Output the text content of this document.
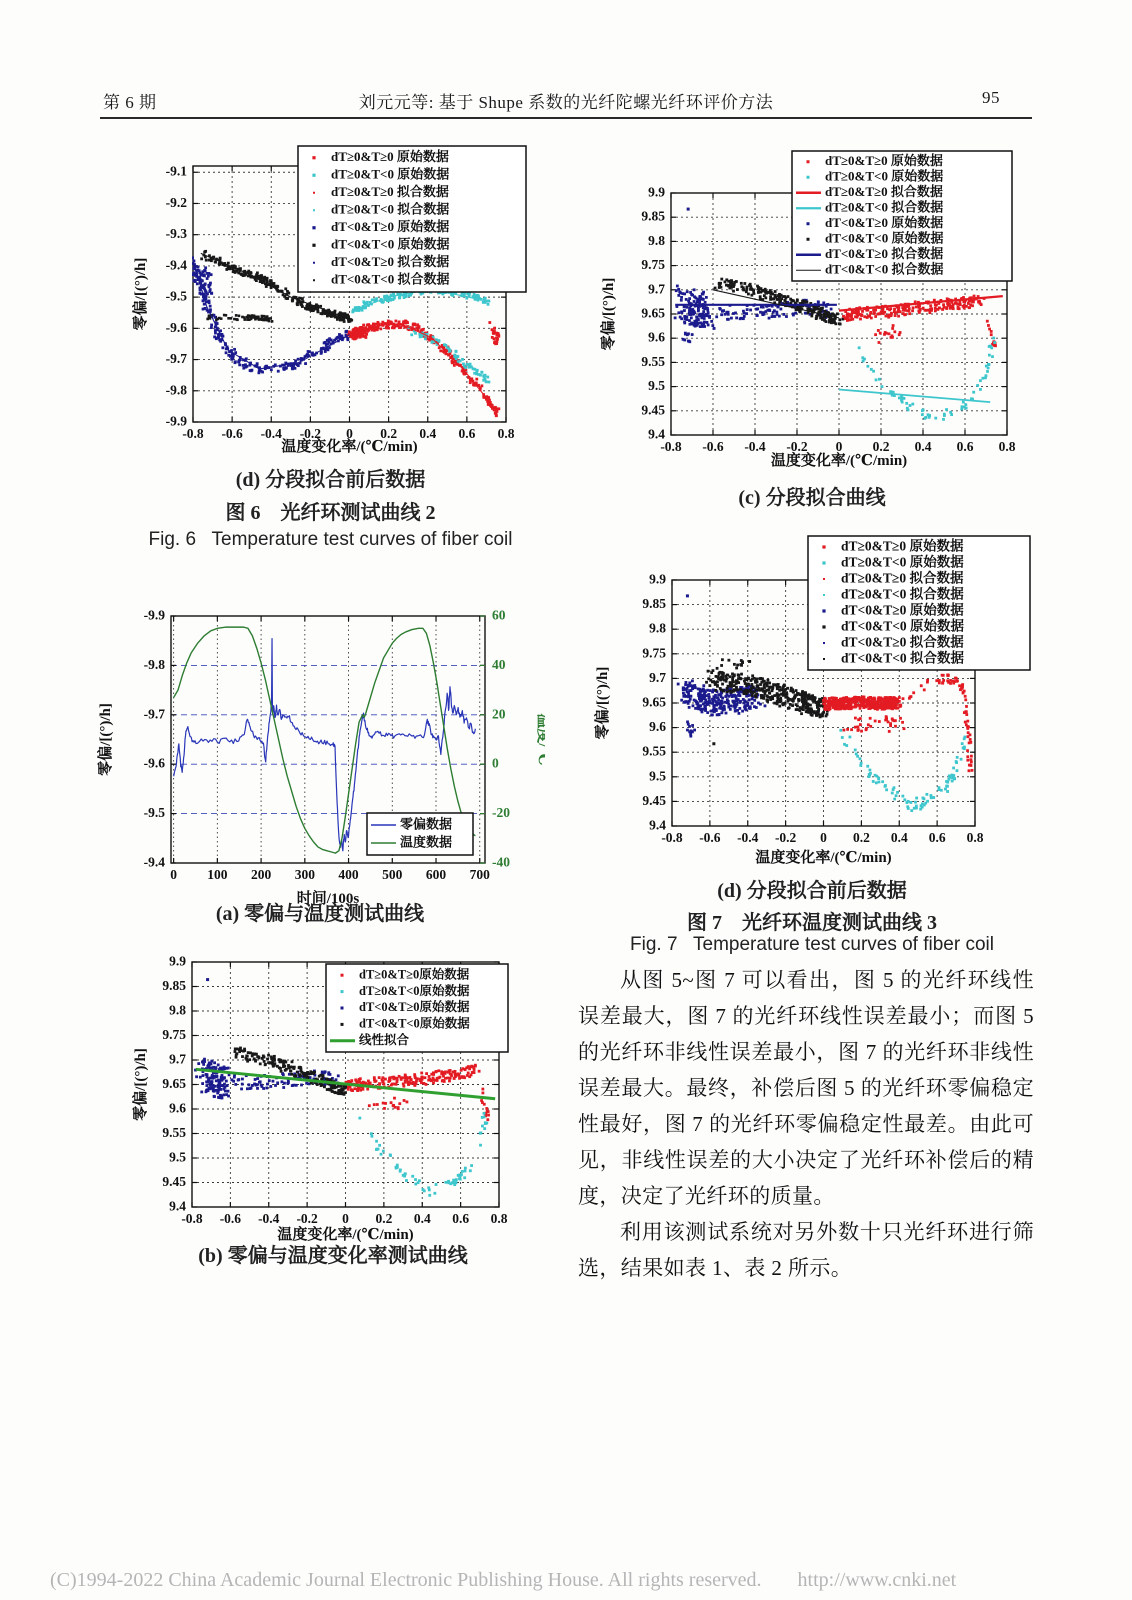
第 6 期	刘元元等: 基于 Shupe 系数的光纤陀螺光纤环评价方法	95
(d) 分段拟合前后数据
图 6　光纤环测试曲线 2
Fig. 6   Temperature test curves of fiber coil
(c) 分段拟合曲线
(a) 零偏与温度测试曲线
(d) 分段拟合前后数据
图 7　光纤环温度测试曲线 3
Fig. 7   Temperature test curves of fiber coil
(b) 零偏与温度变化率测试曲线

从图 5~图 7 可以看出，图 5 的光纤环线性误差最大，图 7 的光纤环线性误差最小；而图 5 的光纤环非线性误差最小，图 7 的光纤环非线性误差最大。最终，补偿后图 5 的光纤环零偏稳定性最好，图 7 的光纤环零偏稳定性最差。由此可见，非线性误差的大小决定了光纤环补偿后的精度，决定了光纤环的质量。

利用该测试系统对另外数十只光纤环进行筛选，结果如表 1、表 2 所示。

(C)1994-2022 China Academic Journal Electronic Publishing House. All rights reserved. http://www.cnki.net
